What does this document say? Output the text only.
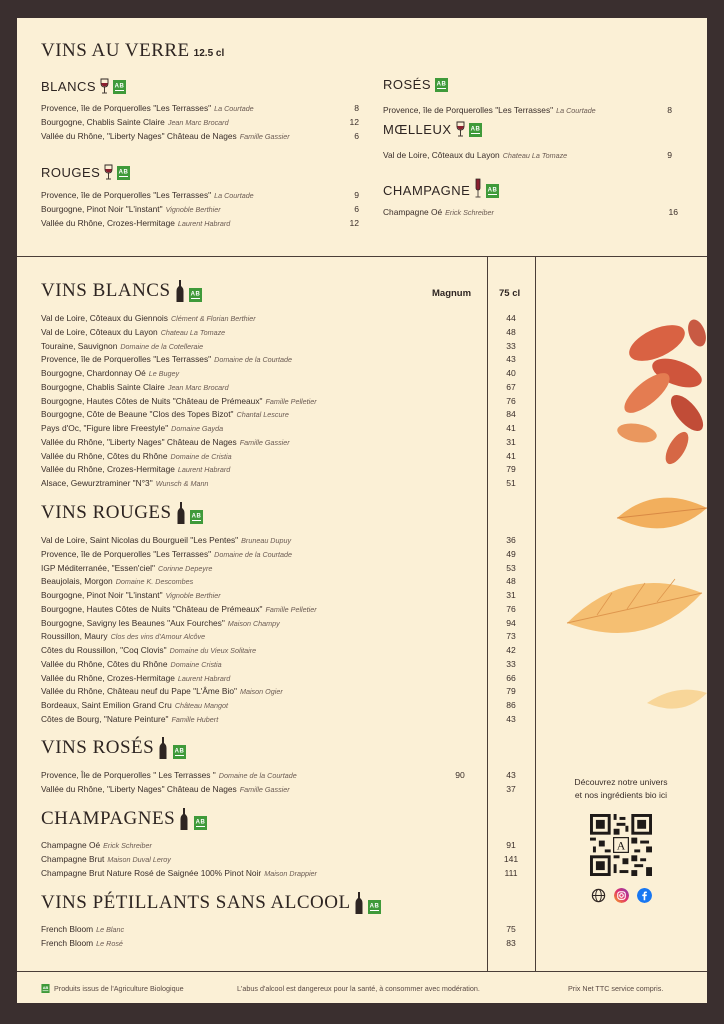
VINS AU VERRE 12.5 cl
BLANCS
Provence, île de Porquerolles "Les Terrasses" La Courtade	8
Bourgogne, Chablis Sainte Claire Jean Marc Brocard	12
Vallée du Rhône, "Liberty Nages" Château de Nages Famille Gassier	6
ROUGES
Provence, île de Porquerolles "Les Terrasses" La Courtade	9
Bourgogne, Pinot Noir "L'instant" Vignoble Berthier	6
Vallée du Rhône, Crozes-Hermitage Laurent Habrard	12
ROSÉS
Provence, île de Porquerolles "Les Terrasses" La Courtade	8
MŒLLEUX
Val de Loire, Côteaux du Layon Chateau La Tomaze	9
CHAMPAGNE
Champagne Oé Erick Schreiber	16
VINS BLANCS	Magnum	75 cl
Val de Loire, Côteaux du Giennois Clément & Florian Berthier	44
Val de Loire, Côteaux du Layon Chateau La Tomaze	48
Touraine, Sauvignon Domaine de la Cotelleraie	33
Provence, île de Porquerolles "Les Terrasses" Domaine de la Courtade	43
Bourgogne, Chardonnay Oé Le Bugey	40
Bourgogne, Chablis Sainte Claire Jean Marc Brocard	67
Bourgogne, Hautes Côtes de Nuits "Château de Prémeaux" Famille Pelletier	76
Bourgogne, Côte de Beaune "Clos des Topes Bizot" Chantal Lescure	84
Pays d'Oc, "Figure libre Freestyle" Domaine Gayda	41
Vallée du Rhône, "Liberty Nages" Château de Nages Famille Gassier	31
Vallée du Rhône, Côtes du Rhône Domaine de Cristia	41
Vallée du Rhône, Crozes-Hermitage Laurent Habrard	79
Alsace, Gewurztraminer "N°3" Wunsch & Mann	51
VINS ROUGES
Val de Loire, Saint Nicolas du Bourgueil "Les Pentes" Bruneau Dupuy	36
Provence, île de Porquerolles "Les Terrasses" Domaine de la Courtade	49
IGP Méditerranée, "Essen'ciel" Corinne Depeyre	53
Beaujolais, Morgon Domaine K. Descombes	48
Bourgogne, Pinot Noir "L'instant" Vignoble Berthier	31
Bourgogne, Hautes Côtes de Nuits "Château de Prémeaux" Famille Pelletier	76
Bourgogne, Savigny les Beaunes "Aux Fourches" Maison Champy	94
Roussillon, Maury Clos des vins d'Amour Alcôve	73
Côtes du Roussillon, "Coq Clovis" Domaine du Vieux Solitaire	42
Vallée du Rhône, Côtes du Rhône Domaine Cristia	33
Vallée du Rhône, Crozes-Hermitage Laurent Habrard	66
Vallée du Rhône, Château neuf du Pape "L'Âme Bio" Maison Ogier	79
Bordeaux, Saint Emilion Grand Cru Château Mangot	86
Côtes de Bourg, "Nature Peinture" Famille Hubert	43
VINS ROSÉS
Provence, Île de Porquerolles " Les Terrasses " Domaine de la Courtade	90	43
Vallée du Rhône, "Liberty Nages" Château de Nages Famille Gassier	37
CHAMPAGNES
Champagne Oé Erick Schreiber	91
Champagne Brut Maison Duval Leroy	141
Champagne Brut Nature Rosé de Saignée 100% Pinot Noir Maison Drappier	111
VINS PÉTILLANTS SANS ALCOOL
French Bloom Le Blanc	75
French Bloom Le Rosé	83
Découvrez notre univers
et nos ingrédients bio ici
A
Produits issus de l'Agriculture Biologique	L'abus d'alcool est dangereux pour la santé, à consommer avec modération.	Prix Net TTC service compris.
